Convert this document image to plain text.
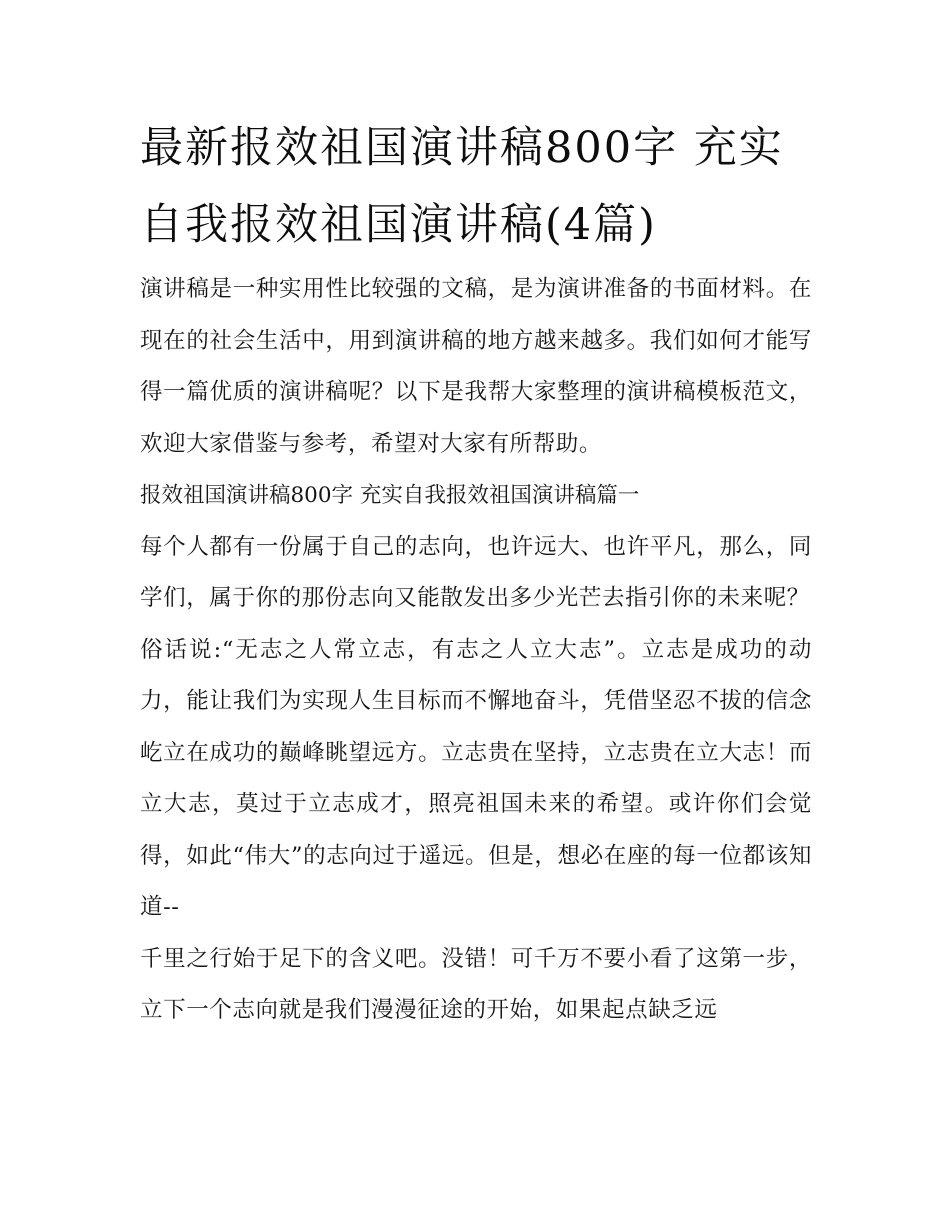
最新报效祖国演讲稿800字 充实自我报效祖国演讲稿(4篇)

演讲稿是一种实用性比较强的文稿，是为演讲准备的书面材料。在现在的社会生活中，用到演讲稿的地方越来越多。我们如何才能写得一篇优质的演讲稿呢？以下是我帮大家整理的演讲稿模板范文，欢迎大家借鉴与参考，希望对大家有所帮助。

报效祖国演讲稿800字 充实自我报效祖国演讲稿篇一

每个人都有一份属于自己的志向，也许远大、也许平凡，那么，同学们，属于你的那份志向又能散发出多少光芒去指引你的未来呢？

俗话说:“无志之人常立志，有志之人立大志”。立志是成功的动力，能让我们为实现人生目标而不懈地奋斗，凭借坚忍不拔的信念屹立在成功的巅峰眺望远方。立志贵在坚持，立志贵在立大志！而立大志，莫过于立志成才，照亮祖国未来的希望。或许你们会觉得，如此“伟大”的志向过于遥远。但是，想必在座的每一位都该知道--

千里之行始于足下的含义吧。没错！可千万不要小看了这第一步，立下一个志向就是我们漫漫征途的开始，如果起点缺乏远
